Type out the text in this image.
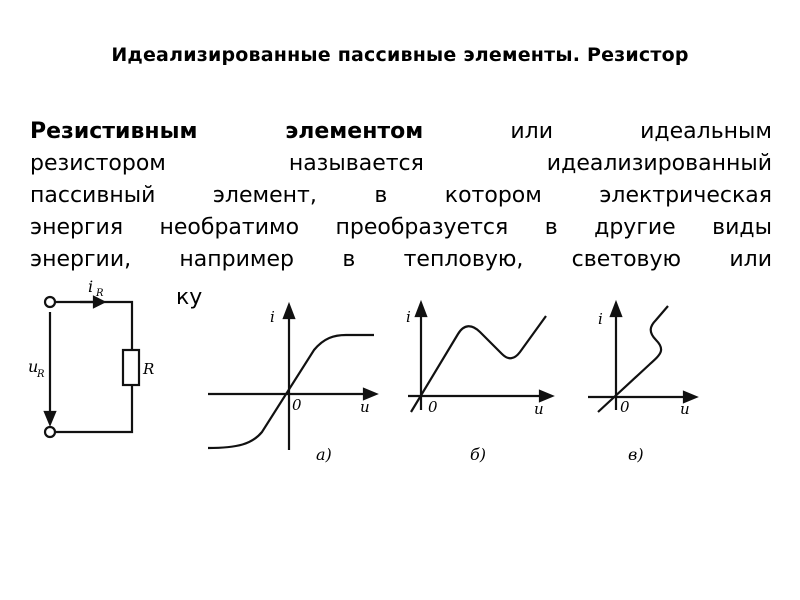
Идеализированные пассивные элементы. Резистор
Резистивным элементом или идеальным
резистором называется идеализированный
пассивный элемент, в котором электрическая
энергия необратимо преобразуется в другие виды
энергии, например в тепловую, световую или
ку
i R
u
R	R
i
u
0
а)
i
u
0
б)
i
u
0
в)
